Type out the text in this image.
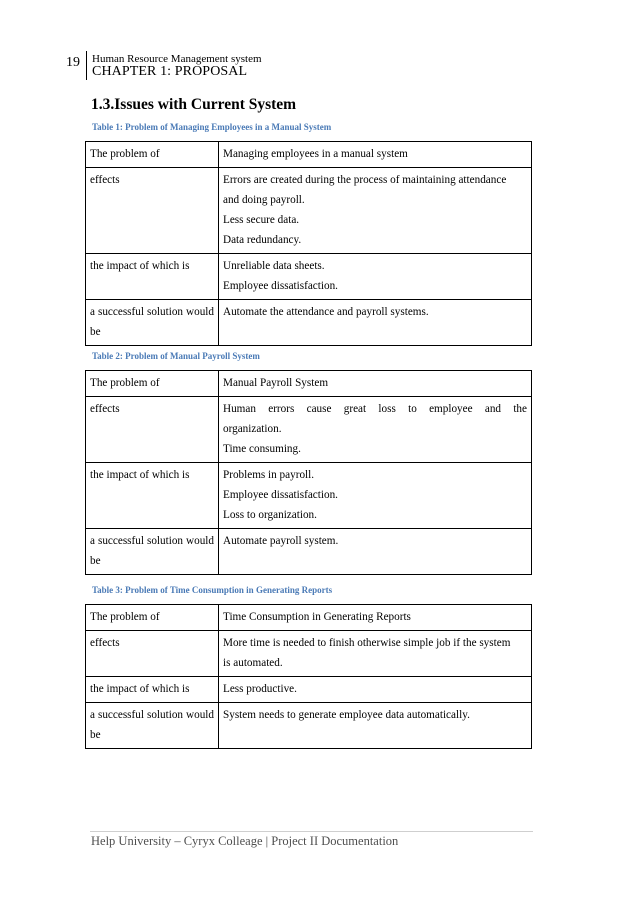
19 Human Resource Management system
CHAPTER 1: PROPOSAL
1.3.Issues with Current System
Table 1: Problem of Managing Employees in a Manual System
The problem of	Managing employees in a manual system
effects	Errors are created during the process of maintaining attendance
and doing payroll.
Less secure data.
Data redundancy.

the impact of which is	Unreliable data sheets.
Employee dissatisfaction.

a successful solution would be	Automate the attendance and payroll systems.
Table 2: Problem of Manual Payroll System
The problem of	Manual Payroll System
effects	Human errors cause great loss to employee and the
organization.
Time consuming.

the impact of which is	Problems in payroll.
Employee dissatisfaction.
Loss to organization.

a successful solution would be	Automate payroll system.
Table 3: Problem of Time Consumption in Generating Reports
The problem of	Time Consumption in Generating Reports
effects	More time is needed to finish otherwise simple job if the system
is automated.

the impact of which is	Less productive.

a successful solution would be	System needs to generate employee data automatically.
Help University – Cyryx Colleage | Project II Documentation
